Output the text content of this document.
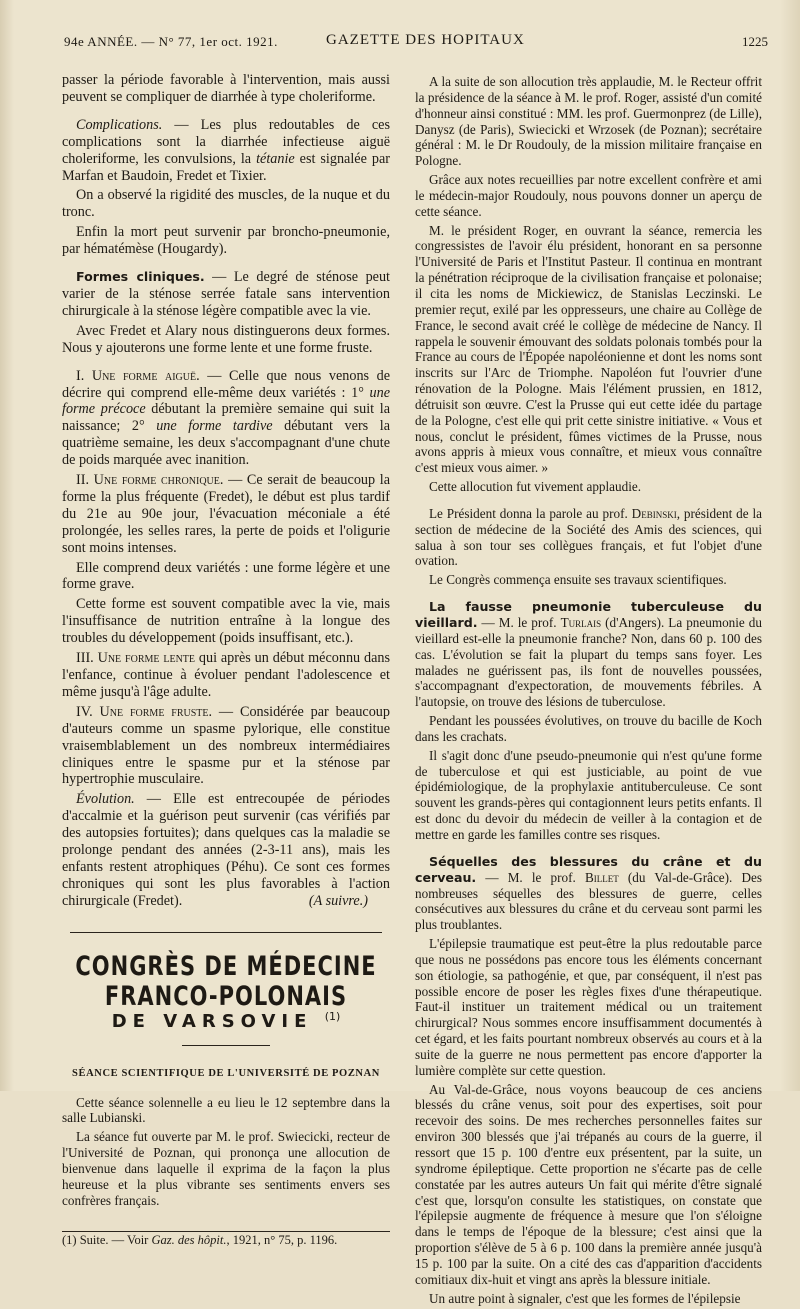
94e ANNÉE. — N° 77, 1er oct. 1921.	GAZETTE DES HOPITAUX	1225

passer la période favorable à l'intervention, mais aussi peuvent se compliquer de diarrhée à type choleriforme.

Complications. — Les plus redoutables de ces complications sont la diarrhée infectieuse aiguë choleriforme, les convulsions, la tétanie est signalée par Marfan et Baudoin, Fredet et Tixier.

On a observé la rigidité des muscles, de la nuque et du tronc.

Enfin la mort peut survenir par broncho-pneumonie, par hématémèse (Hougardy).

Formes cliniques. — Le degré de sténose peut varier de la sténose serrée fatale sans intervention chirurgicale à la sténose légère compatible avec la vie.

Avec Fredet et Alary nous distinguerons deux formes. Nous y ajouterons une forme lente et une forme fruste.

I. Une forme aiguë. — Celle que nous venons de décrire qui comprend elle-même deux variétés : 1° une forme précoce débutant la première semaine qui suit la naissance; 2° une forme tardive débutant vers la quatrième semaine, les deux s'accompagnant d'une chute de poids marquée avec inanition.

II. Une forme chronique. — Ce serait de beaucoup la forme la plus fréquente (Fredet), le début est plus tardif du 21e au 90e jour, l'évacuation méconiale a été prolongée, les selles rares, la perte de poids et l'oligurie sont moins intenses.

Elle comprend deux variétés : une forme légère et une forme grave.

Cette forme est souvent compatible avec la vie, mais l'insuffisance de nutrition entraîne à la longue des troubles du développement (poids insuffisant, etc.).

III. Une forme lente qui après un début méconnu dans l'enfance, continue à évoluer pendant l'adolescence et même jusqu'à l'âge adulte.

IV. Une forme fruste. — Considérée par beaucoup d'auteurs comme un spasme pylorique, elle constitue vraisemblablement un des nombreux intermédiaires cliniques entre le spasme pur et la sténose par hypertrophie musculaire.

Évolution. — Elle est entrecoupée de périodes d'accalmie et la guérison peut survenir (cas vérifiés par des autopsies fortuites); dans quelques cas la maladie se prolonge pendant des années (2-3-11 ans), mais les enfants restent atrophiques (Péhu). Ce sont ces formes chroniques qui sont les plus favorables à l'action chirurgicale (Fredet).	(A suivre.)

CONGRÈS DE MÉDECINE FRANCO-POLONAIS
DE VARSOVIE $^{(1)}$
SÉANCE SCIENTIFIQUE DE L'UNIVERSITÉ DE POZNAN

Cette séance solennelle a eu lieu le 12 septembre dans la salle Lubianski.

La séance fut ouverte par M. le prof. Swiecicki, recteur de l'Université de Poznan, qui prononça une allocution de bienvenue dans laquelle il exprima de la façon la plus heureuse et la plus vibrante ses sentiments envers ses confrères français.

(1) Suite. — Voir Gaz. des hôpit., 1921, n° 75, p. 1196.

A la suite de son allocution très applaudie, M. le Recteur offrit la présidence de la séance à M. le prof. Roger, assisté d'un comité d'honneur ainsi constitué : MM. les prof. Guermonprez (de Lille), Danysz (de Paris), Swiecicki et Wrzosek (de Poznan); secrétaire général : M. le Dr Roudouly, de la mission militaire française en Pologne.

Grâce aux notes recueillies par notre excellent confrère et ami le médecin-major Roudouly, nous pouvons donner un aperçu de cette séance.

M. le président Roger, en ouvrant la séance, remercia les congressistes de l'avoir élu président, honorant en sa personne l'Université de Paris et l'Institut Pasteur. Il continua en montrant la pénétration réciproque de la civilisation française et polonaise; il cita les noms de Mickiewicz, de Stanislas Leczinski. Le premier reçut, exilé par les oppresseurs, une chaire au Collège de France, le second avait créé le collège de médecine de Nancy. Il rappela le souvenir émouvant des soldats polonais tombés pour la France au cours de l'Épopée napoléonienne et dont les noms sont inscrits sur l'Arc de Triomphe. Napoléon fut l'ouvrier d'une rénovation de la Pologne. Mais l'élément prussien, en 1812, détruisit son œuvre. C'est la Prusse qui eut cette idée du partage de la Pologne, c'est elle qui prit cette sinistre initiative. « Vous et nous, conclut le président, fûmes victimes de la Prusse, nous avons appris à mieux vous connaître, et mieux vous connaître c'est mieux vous aimer. »

Cette allocution fut vivement applaudie.

Le Président donna la parole au prof. Debinski, président de la section de médecine de la Société des Amis des sciences, qui salua à son tour ses collègues français, et fut l'objet d'une ovation.

Le Congrès commença ensuite ses travaux scientifiques.

La fausse pneumonie tuberculeuse du vieillard. — M. le prof. Turlais (d'Angers). La pneumonie du vieillard est-elle la pneumonie franche? Non, dans 60 p. 100 des cas. L'évolution se fait la plupart du temps sans foyer. Les malades ne guérissent pas, ils font de nouvelles poussées, s'accompagnant d'expectoration, de mouvements fébriles. A l'autopsie, on trouve des lésions de tuberculose.

Pendant les poussées évolutives, on trouve du bacille de Koch dans les crachats.

Il s'agit donc d'une pseudo-pneumonie qui n'est qu'une forme de tuberculose et qui est justiciable, au point de vue épidémiologique, de la prophylaxie antituberculeuse. Ce sont souvent les grands-pères qui contagionnent leurs petits enfants. Il est donc du devoir du médecin de veiller à la contagion et de mettre en garde les familles contre ses risques.

Séquelles des blessures du crâne et du cerveau. — M. le prof. Billet (du Val-de-Grâce). Des nombreuses séquelles des blessures de guerre, celles consécutives aux blessures du crâne et du cerveau sont parmi les plus troublantes.

L'épilepsie traumatique est peut-être la plus redoutable parce que nous ne possédons pas encore tous les éléments concernant son étiologie, sa pathogénie, et que, par conséquent, il n'est pas possible encore de poser les règles fixes d'une thérapeutique. Faut-il instituer un traitement médical ou un traitement chirurgical? Nous sommes encore insuffisamment documentés à cet égard, et les faits pourtant nombreux observés au cours et à la suite de la guerre ne nous permettent pas encore d'apporter la lumière complète sur cette question.

Au Val-de-Grâce, nous voyons beaucoup de ces anciens blessés du crâne venus, soit pour des expertises, soit pour recevoir des soins. De mes recherches personnelles faites sur environ 300 blessés que j'ai trépanés au cours de la guerre, il ressort que 15 p. 100 d'entre eux présentent, par la suite, un syndrome épileptique. Cette proportion ne s'écarte pas de celle constatée par les autres auteurs Un fait qui mérite d'être signalé c'est que, lorsqu'on consulte les statistiques, on constate que l'épilepsie augmente de fréquence à mesure que l'on s'éloigne dans le temps de l'époque de la blessure; c'est ainsi que la proportion s'élève de 5 à 6 p. 100 dans la première année jusqu'à 15 p. 100 par la suite. On a cité des cas d'apparition d'accidents comitiaux dix-huit et vingt ans après la blessure initiale.

Un autre point à signaler, c'est que les formes de l'épilepsie
